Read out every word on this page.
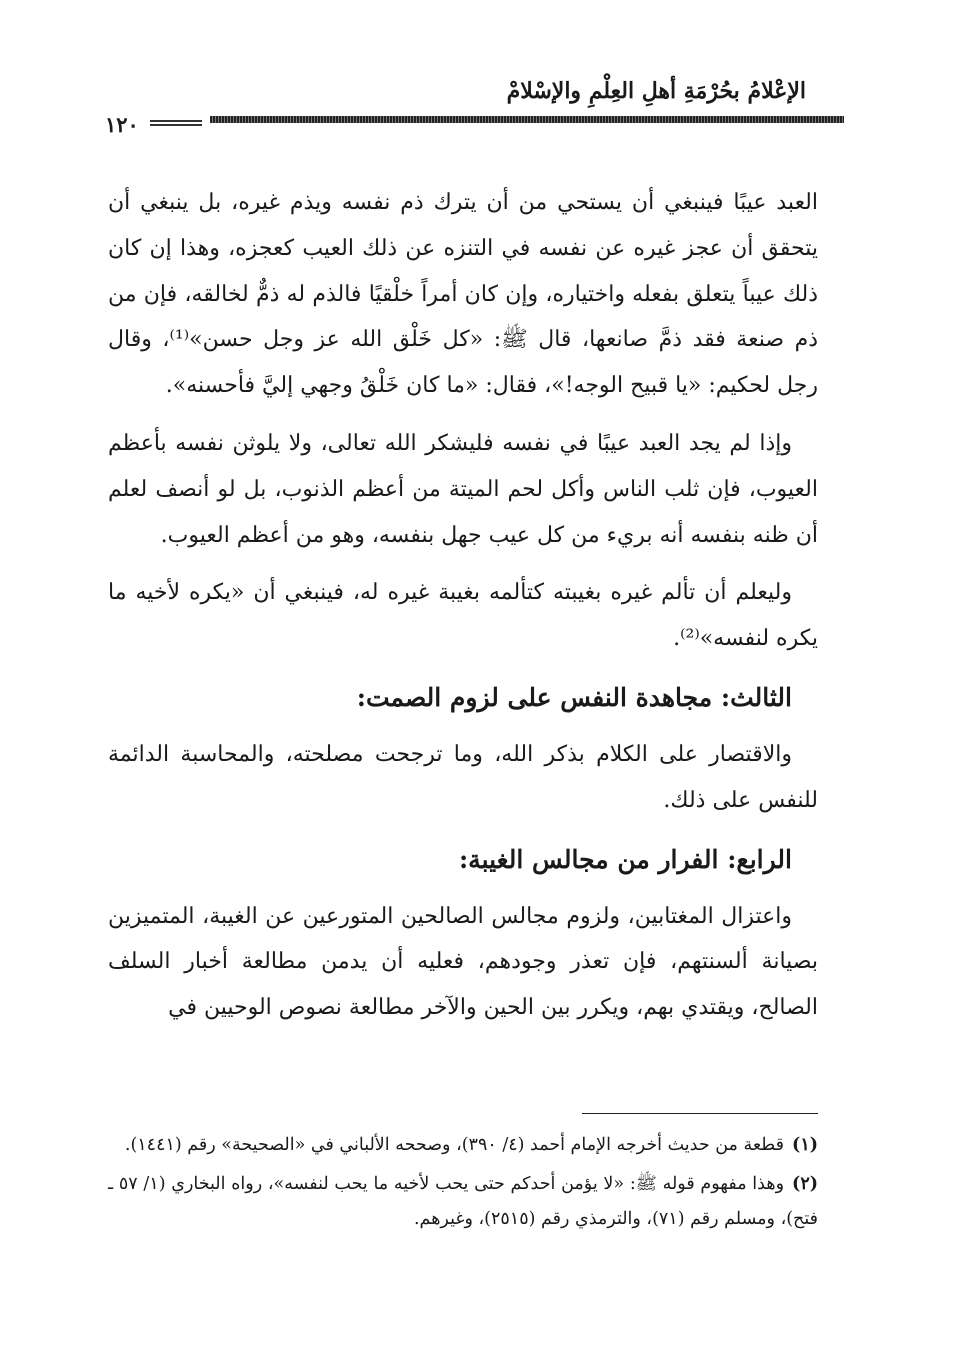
الإعْلامُ بحُرْمَةِ أهلِ العِلْمِ والإسْلامْ
١٢٠

العبد عيبًا فينبغي أن يستحي من أن يترك ذم نفسه ويذم غيره، بل ينبغي أن يتحقق أن عجز غيره عن نفسه في التنزه عن ذلك العيب كعجزه، وهذا إن كان ذلك عيباً يتعلق بفعله واختياره، وإن كان أمراً خلْقيًا فالذم له ذمٌّ لخالقه، فإن من ذم صنعة فقد ذمَّ صانعها، قال ﷺ: «كل خَلْق الله عز وجل حسن»⁽¹⁾، وقال رجل لحكيم: «يا قبيح الوجه!»، فقال: «ما كان خَلْقُ وجهي إليَّ فأحسنه».

وإذا لم يجد العبد عيبًا في نفسه فليشكر الله تعالى، ولا يلوثن نفسه بأعظم العيوب، فإن ثلب الناس وأكل لحم الميتة من أعظم الذنوب، بل لو أنصف لعلم أن ظنه بنفسه أنه بريء من كل عيب جهل بنفسه، وهو من أعظم العيوب.

وليعلم أن تألم غيره بغيبته كتألمه بغيبة غيره له، فينبغي أن «يكره لأخيه ما يكره لنفسه»⁽²⁾.

الثالث: مجاهدة النفس على لزوم الصمت:

والاقتصار على الكلام بذكر الله، وما ترجحت مصلحته، والمحاسبة الدائمة للنفس على ذلك.

الرابع: الفرار من مجالس الغيبة:

واعتزال المغتابين، ولزوم مجالس الصالحين المتورعين عن الغيبة، المتميزين بصيانة ألسنتهم، فإن تعذر وجودهم، فعليه أن يدمن مطالعة أخبار السلف الصالح، ويقتدي بهم، ويكرر بين الحين والآخر مطالعة نصوص الوحيين في

(١)قطعة من حديث أخرجه الإمام أحمد (٤/ ٣٩٠)، وصححه الألباني في «الصحيحة» رقم (١٤٤١).
(٢)وهذا مفهوم قوله ﷺ: «لا يؤمن أحدكم حتى يحب لأخيه ما يحب لنفسه»، رواه البخاري (١/ ٥٧ ـ فتح)، ومسلم رقم (٧١)، والترمذي رقم (٢٥١٥)، وغيرهم.
